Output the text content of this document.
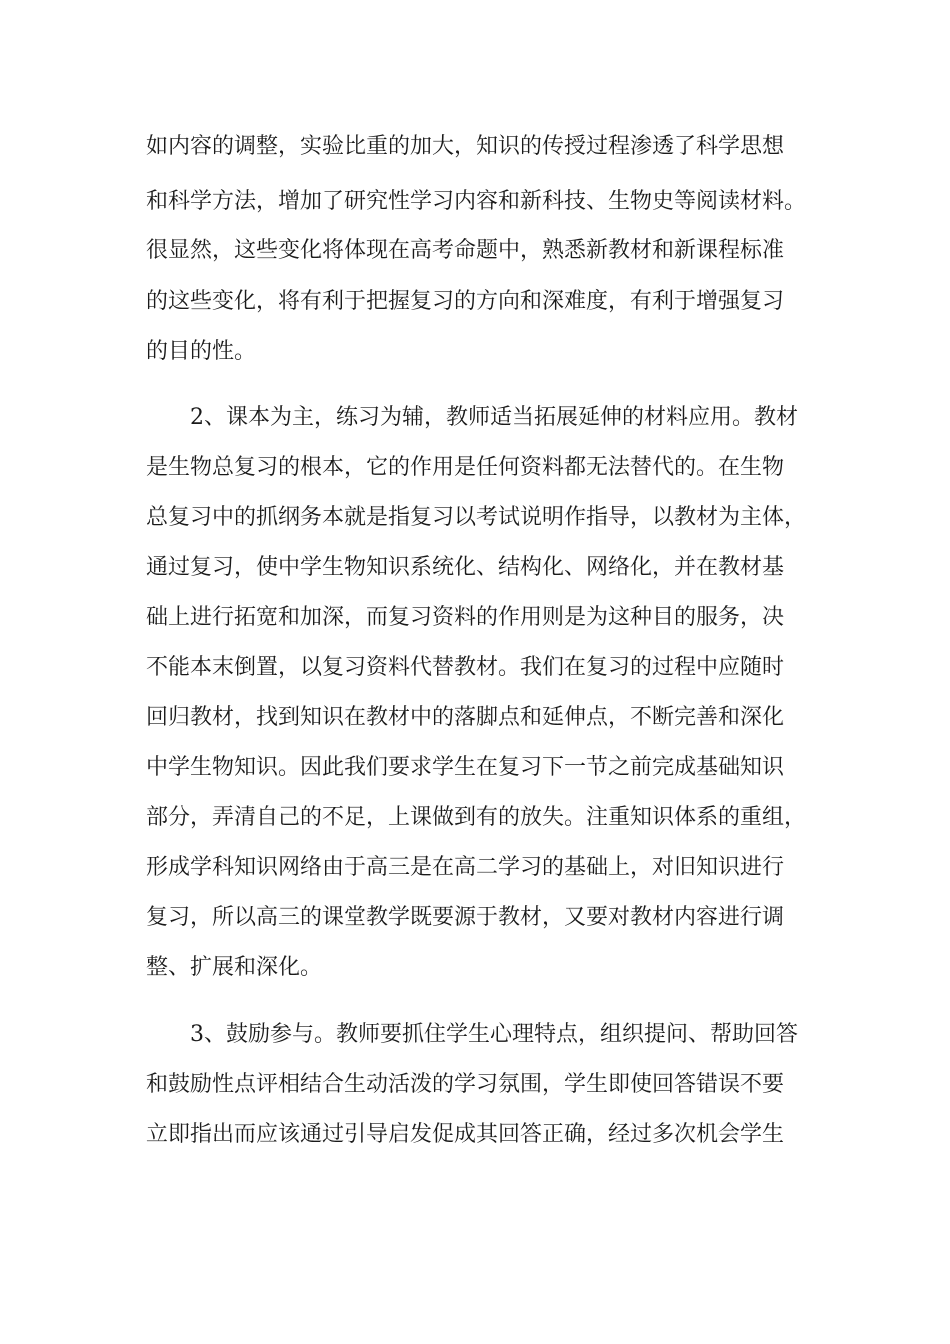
如内容的调整，实验比重的加大，知识的传授过程渗透了科学思想
和科学方法，增加了研究性学习内容和新科技、生物史等阅读材料。
很显然，这些变化将体现在高考命题中，熟悉新教材和新课程标准
的这些变化，将有利于把握复习的方向和深难度，有利于增强复习
的目的性。
2、课本为主，练习为辅，教师适当拓展延伸的材料应用。教材
是生物总复习的根本，它的作用是任何资料都无法替代的。在生物
总复习中的抓纲务本就是指复习以考试说明作指导，以教材为主体，
通过复习，使中学生物知识系统化、结构化、网络化，并在教材基
础上进行拓宽和加深，而复习资料的作用则是为这种目的服务，决
不能本末倒置，以复习资料代替教材。我们在复习的过程中应随时
回归教材，找到知识在教材中的落脚点和延伸点，不断完善和深化
中学生物知识。因此我们要求学生在复习下一节之前完成基础知识
部分，弄清自己的不足，上课做到有的放失。注重知识体系的重组，
形成学科知识网络由于高三是在高二学习的基础上，对旧知识进行
复习，所以高三的课堂教学既要源于教材，又要对教材内容进行调
整、扩展和深化。
3、鼓励参与。教师要抓住学生心理特点，组织提问、帮助回答
和鼓励性点评相结合生动活泼的学习氛围，学生即使回答错误不要
立即指出而应该通过引导启发促成其回答正确，经过多次机会学生
